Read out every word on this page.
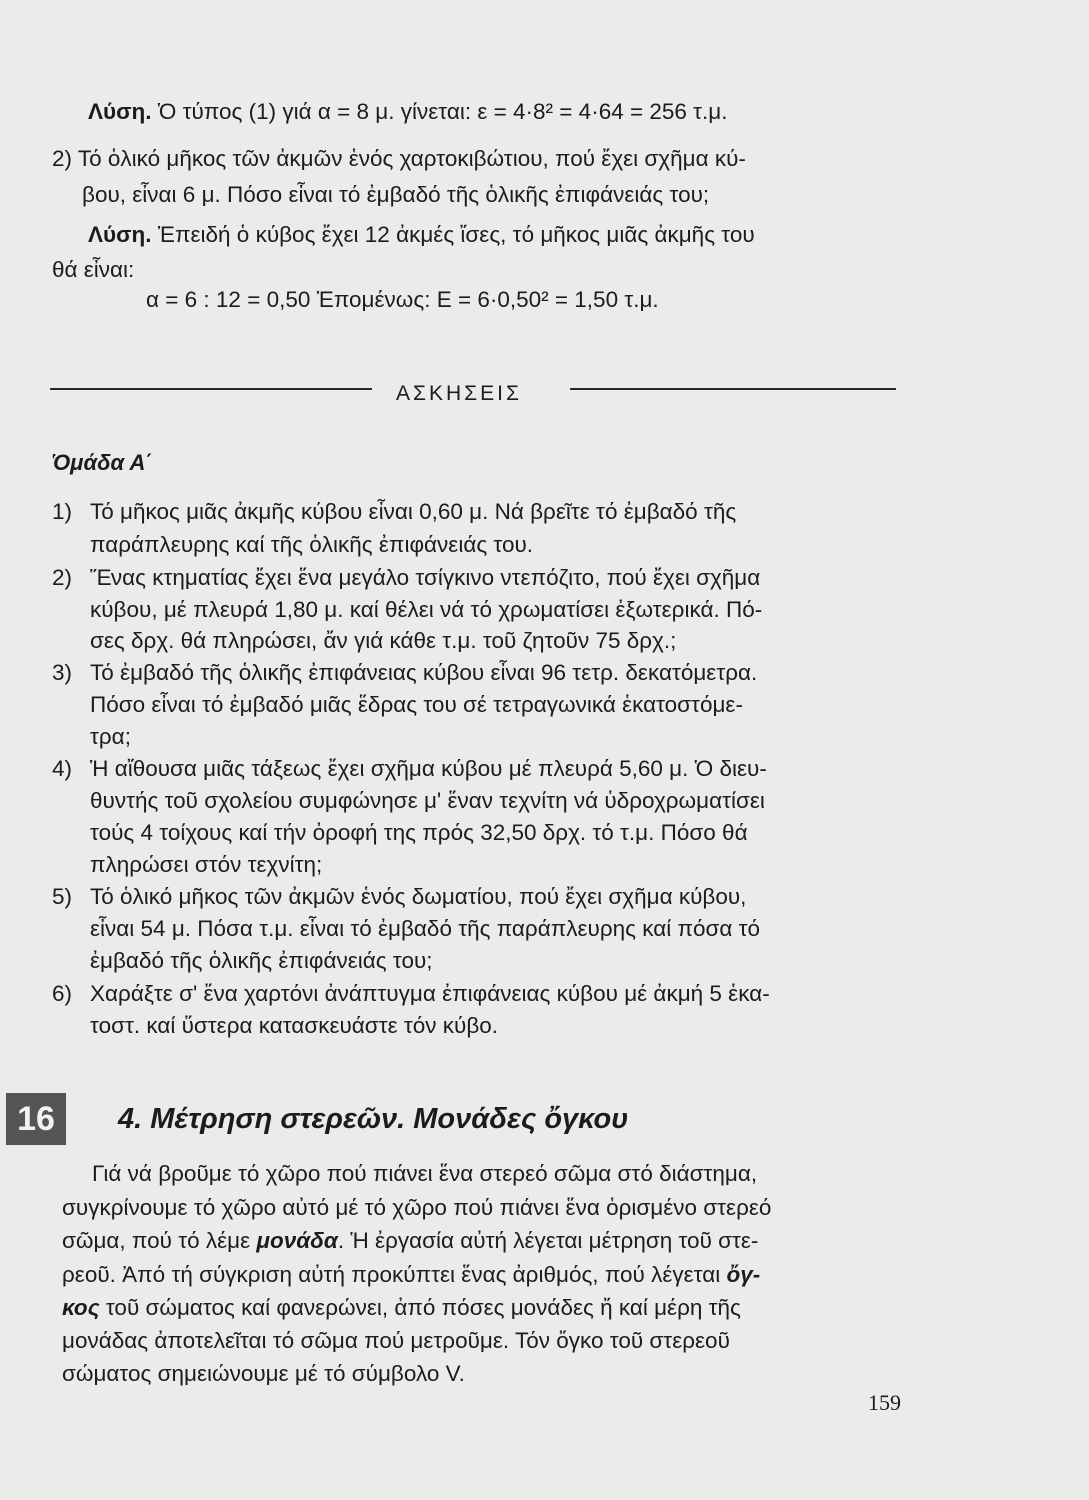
Λύση. Ὁ τύπος (1) γιά α = 8 μ. γίνεται: ε = 4·8² = 4·64 = 256 τ.μ.
2) Τό ὁλικό μῆκος τῶν ἀκμῶν ἑνός χαρτοκιβώτιου, πού ἔχει σχῆμα κύ-
βου, εἶναι 6 μ. Πόσο εἶναι τό ἐμβαδό τῆς ὁλικῆς ἐπιφάνειάς του;
Λύση. Ἐπειδή ὁ κύβος ἔχει 12 ἀκμές ἴσες, τό μῆκος μιᾶς ἀκμῆς του
θά εἶναι:
α = 6 : 12 = 0,50 Ἐπομένως: Ε = 6·0,50² = 1,50 τ.μ.
ΑΣΚΗΣΕΙΣ
Ὁμάδα Α΄
1) Τό μῆκος μιᾶς ἀκμῆς κύβου εἶναι 0,60 μ. Νά βρεῖτε τό ἐμβαδό τῆς
παράπλευρης καί τῆς ὁλικῆς ἐπιφάνειάς του.
2) Ἕνας κτηματίας ἔχει ἕνα μεγάλο τσίγκινο ντεπόζιτο, πού ἔχει σχῆμα
κύβου, μέ πλευρά 1,80 μ. καί θέλει νά τό χρωματίσει ἐξωτερικά. Πό-
σες δρχ. θά πληρώσει, ἄν γιά κάθε τ.μ. τοῦ ζητοῦν 75 δρχ.;
3) Τό ἐμβαδό τῆς ὁλικῆς ἐπιφάνειας κύβου εἶναι 96 τετρ. δεκατόμετρα.
Πόσο εἶναι τό ἐμβαδό μιᾶς ἕδρας του σέ τετραγωνικά ἑκατοστόμε-
τρα;
4) Ἡ αἴθουσα μιᾶς τάξεως ἔχει σχῆμα κύβου μέ πλευρά 5,60 μ. Ὁ διευ-
θυντής τοῦ σχολείου συμφώνησε μ' ἕναν τεχνίτη νά ὑδροχρωματίσει
τούς 4 τοίχους καί τήν ὀροφή της πρός 32,50 δρχ. τό τ.μ. Πόσο θά
πληρώσει στόν τεχνίτη;
5) Τό ὁλικό μῆκος τῶν ἀκμῶν ἑνός δωματίου, πού ἔχει σχῆμα κύβου,
εἶναι 54 μ. Πόσα τ.μ. εἶναι τό ἐμβαδό τῆς παράπλευρης καί πόσα τό
ἐμβαδό τῆς ὁλικῆς ἐπιφάνειάς του;
6) Χαράξτε σ' ἕνα χαρτόνι ἀνάπτυγμα ἐπιφάνειας κύβου μέ ἀκμή 5 ἑκα-
τοστ. καί ὕστερα κατασκευάστε τόν κύβο.
16	4. Μέτρηση στερεῶν. Μονάδες ὄγκου
Γιά νά βροῦμε τό χῶρο πού πιάνει ἕνα στερεό σῶμα στό διάστημα,
συγκρίνουμε τό χῶρο αὐτό μέ τό χῶρο πού πιάνει ἕνα ὁρισμένο στερεό
σῶμα, πού τό λέμε μονάδα. Ἡ ἐργασία αὐτή λέγεται μέτρηση τοῦ στε-
ρεοῦ. Ἀπό τή σύγκριση αὐτή προκύπτει ἕνας ἀριθμός, πού λέγεται ὄγ-
κος τοῦ σώματος καί φανερώνει, ἀπό πόσες μονάδες ἤ καί μέρη τῆς
μονάδας ἀποτελεῖται τό σῶμα πού μετροῦμε. Τόν ὄγκο τοῦ στερεοῦ
σώματος σημειώνουμε μέ τό σύμβολο V.
159
